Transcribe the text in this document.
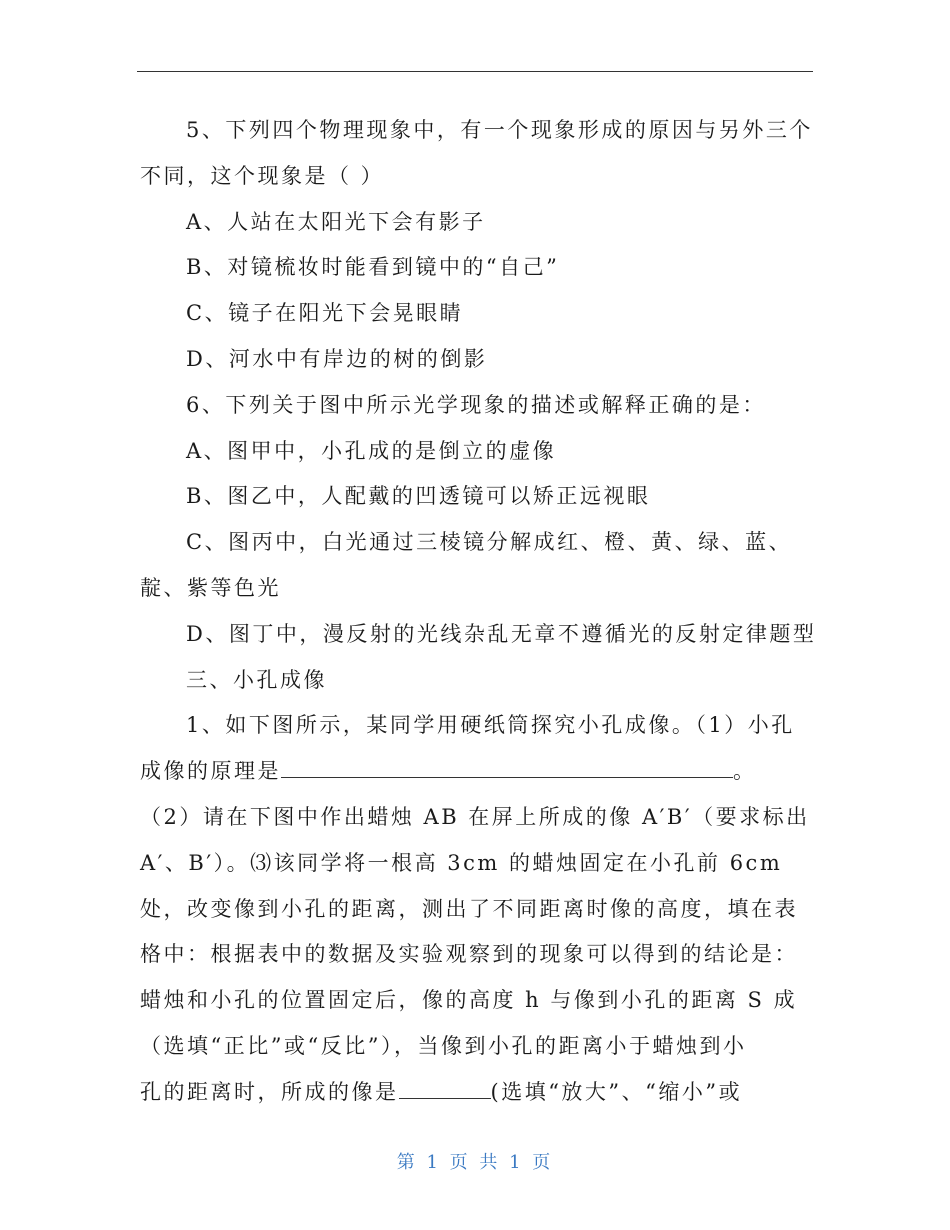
5、下列四个物理现象中，有一个现象形成的原因与另外三个
不同，这个现象是（ ）
A、人站在太阳光下会有影子
B、对镜梳妆时能看到镜中的“自己”
C、镜子在阳光下会晃眼睛
D、河水中有岸边的树的倒影
6、下列关于图中所示光学现象的描述或解释正确的是：
A、图甲中，小孔成的是倒立的虚像
B、图乙中，人配戴的凹透镜可以矫正远视眼
C、图丙中，白光通过三棱镜分解成红、橙、黄、绿、蓝、
靛、紫等色光
D、图丁中，漫反射的光线杂乱无章不遵循光的反射定律题型
三、小孔成像
1、如下图所示，某同学用硬纸筒探究小孔成像。（1）小孔
成像的原理是	。
（2）请在下图中作出蜡烛 AB 在屏上所成的像 A′B′（要求标出
A′、B′）。⑶该同学将一根高 3cm 的蜡烛固定在小孔前 6cm
处，改变像到小孔的距离，测出了不同距离时像的高度，填在表
格中：根据表中的数据及实验观察到的现象可以得到的结论是：
蜡烛和小孔的位置固定后，像的高度 h 与像到小孔的距离 S 成
（选填“正比”或“反比”），当像到小孔的距离小于蜡烛到小
孔的距离时，所成的像是	(选填“放大”、“缩小”或
第 1 页 共 1 页
